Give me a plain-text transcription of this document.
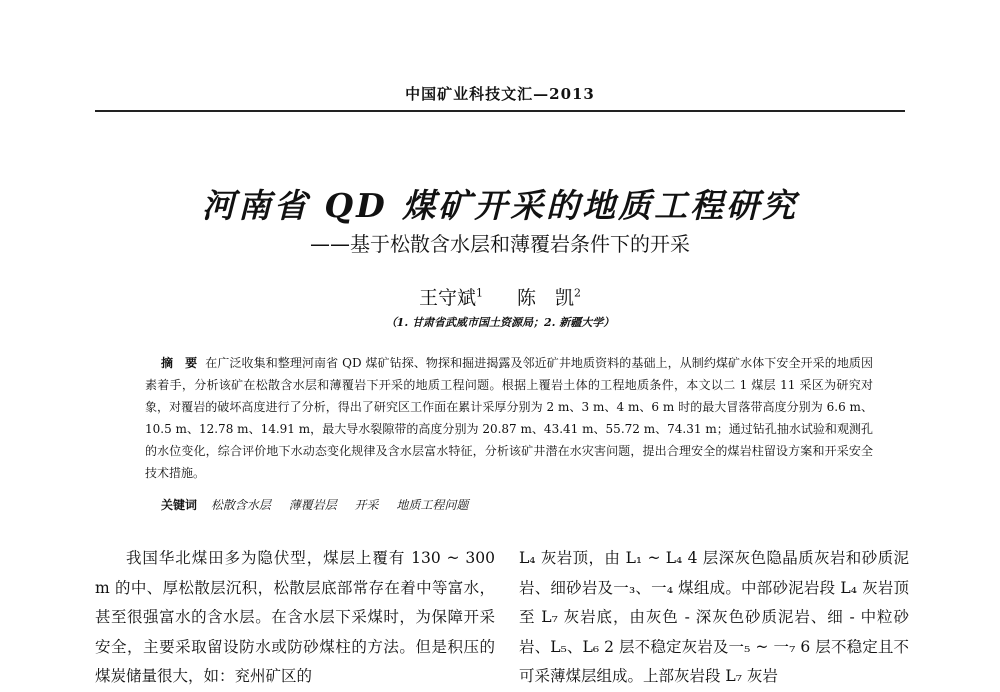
中国矿业科技文汇—2013
河南省 QD 煤矿开采的地质工程研究
——基于松散含水层和薄覆岩条件下的开采
王守斌$^1$ 陈　凯$^2$
（1. 甘肃省武威市国土资源局；2. 新疆大学）
摘　要 在广泛收集和整理河南省 QD 煤矿钻探、物探和掘进揭露及邻近矿井地质资料的基础上，从制约煤矿水体下安全开采的地质因素着手，分析该矿在松散含水层和薄覆岩下开采的地质工程问题。根据上覆岩土体的工程地质条件，本文以二 1 煤层 11 采区为研究对象，对覆岩的破坏高度进行了分析，得出了研究区工作面在累计采厚分别为 2 m、3 m、4 m、6 m 时的最大冒落带高度分别为 6.6 m、10.5 m、12.78 m、14.91 m，最大导水裂隙带的高度分别为 20.87 m、43.41 m、55.72 m、74.31 m；通过钻孔抽水试验和观测孔的水位变化，综合评价地下水动态变化规律及含水层富水特征，分析该矿井潜在水灾害问题，提出合理安全的煤岩柱留设方案和开采安全技术措施。
关键词 松散含水层 薄覆岩层 开采 地质工程问题
我国华北煤田多为隐伏型，煤层上覆有 130 ~ 300 m 的中、厚松散层沉积，松散层底部常存在着中等富水，甚至很强富水的含水层。在含水层下采煤时，为保障开采安全，主要采取留设防水或防砂煤柱的方法。但是积压的煤炭储量很大，如：兖州矿区的
L₄ 灰岩顶，由 L₁ ~ L₄ 4 层深灰色隐晶质灰岩和砂质泥岩、细砂岩及一₃、一₄ 煤组成。中部砂泥岩段 L₄ 灰岩顶至 L₇ 灰岩底，由灰色 - 深灰色砂质泥岩、细 - 中粒砂岩、L₅、L₆ 2 层不稳定灰岩及一₅ ~ 一₇ 6 层不稳定且不可采薄煤层组成。上部灰岩段 L₇ 灰岩
